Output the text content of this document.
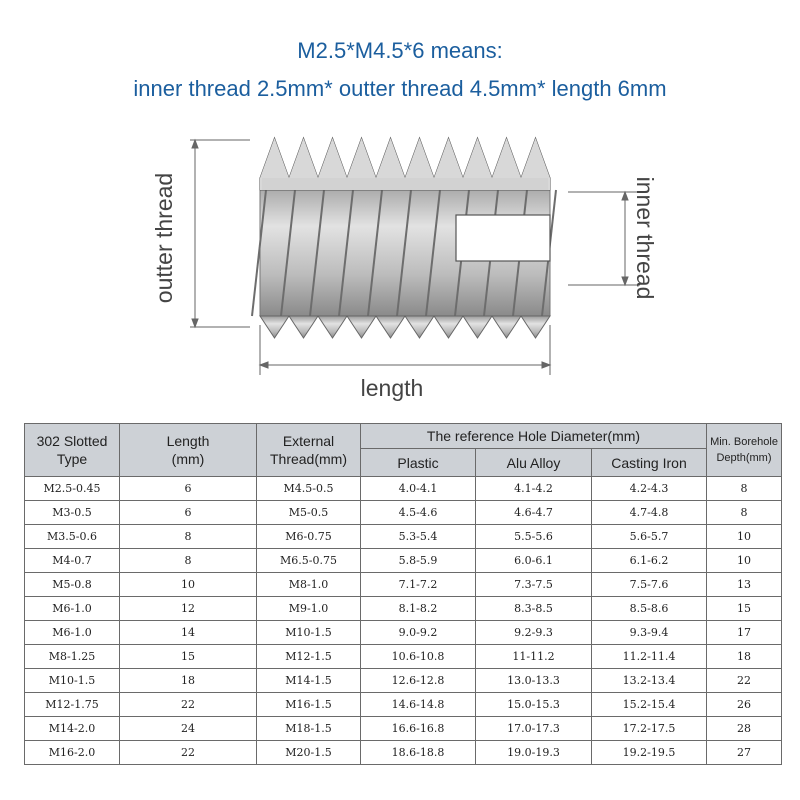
M2.5*M4.5*6 means:
inner thread 2.5mm* outter thread 4.5mm* length 6mm
outter thread	inner thread
length
302 Slotted Type	Length (mm)	External Thread(mm)	The reference Hole Diameter(mm)			Min. Borehole Depth(mm)

			Plastic	Alu Alloy	Casting Iron	
M2.5-0.45	6	M4.5-0.5	4.0-4.1	4.1-4.2	4.2-4.3	8
M3-0.5	6	M5-0.5	4.5-4.6	4.6-4.7	4.7-4.8	8
M3.5-0.6	8	M6-0.75	5.3-5.4	5.5-5.6	5.6-5.7	10
M4-0.7	8	M6.5-0.75	5.8-5.9	6.0-6.1	6.1-6.2	10
M5-0.8	10	M8-1.0	7.1-7.2	7.3-7.5	7.5-7.6	13
M6-1.0	12	M9-1.0	8.1-8.2	8.3-8.5	8.5-8.6	15
M6-1.0	14	M10-1.5	9.0-9.2	9.2-9.3	9.3-9.4	17
M8-1.25	15	M12-1.5	10.6-10.8	11-11.2	11.2-11.4	18
M10-1.5	18	M14-1.5	12.6-12.8	13.0-13.3	13.2-13.4	22
M12-1.75	22	M16-1.5	14.6-14.8	15.0-15.3	15.2-15.4	26
M14-2.0	24	M18-1.5	16.6-16.8	17.0-17.3	17.2-17.5	28
M16-2.0	22	M20-1.5	18.6-18.8	19.0-19.3	19.2-19.5	27
